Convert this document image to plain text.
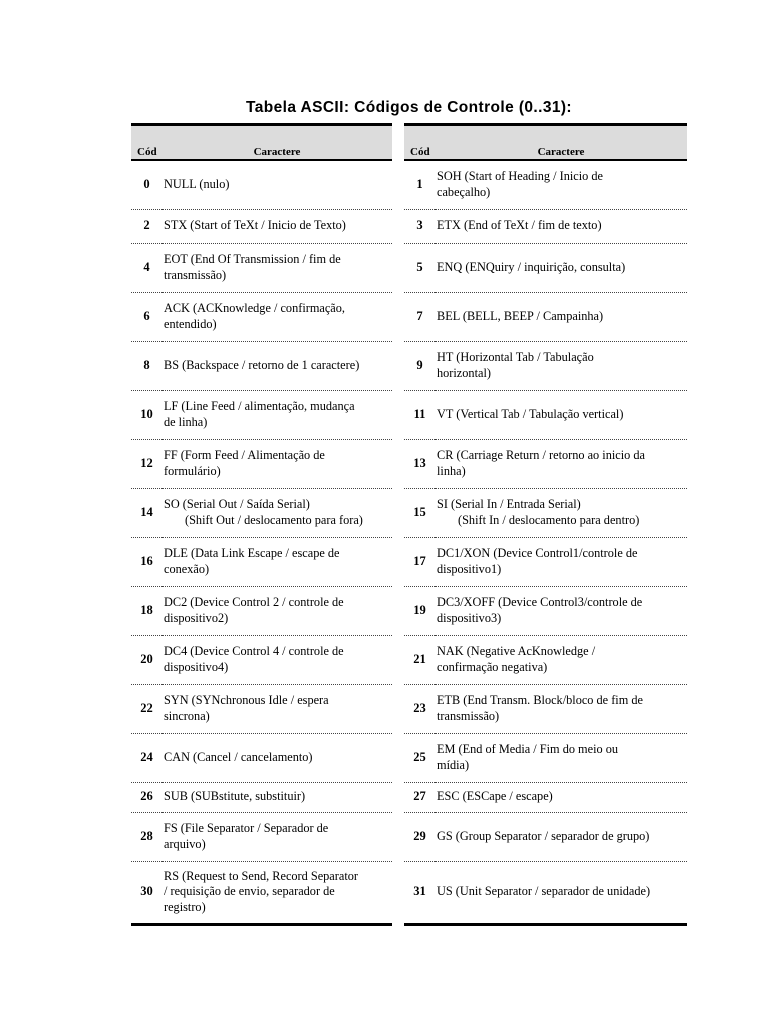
Tabela ASCII: Códigos de Controle (0..31):
Cód	Caractere
0	NULL (nulo)

2	STX (Start of TeXt / Inicio de Texto)

4	EOT (End Of Transmission / fim de
transmissão)

6	ACK (ACKnowledge / confirmação,
entendido)

8	BS (Backspace / retorno de 1 caractere)

10	LF (Line Feed / alimentação, mudança
de linha)

12	FF (Form Feed / Alimentação de
formulário)

14	SO (Serial Out / Saída Serial)
(Shift Out / deslocamento para fora)

16	DLE (Data Link Escape / escape de
conexão)

18	DC2 (Device Control 2 / controle de
dispositivo2)

20	DC4 (Device Control 4 / controle de
dispositivo4)

22	SYN (SYNchronous Idle / espera
sincrona)

24	CAN (Cancel / cancelamento)

26	SUB (SUBstitute, substituir)

28	FS (File Separator / Separador de
arquivo)

30	RS (Request to Send, Record Separator
/ requisição de envio, separador de
registro)
Cód	Caractere
1	SOH (Start of Heading / Inicio de
cabeçalho)

3	ETX (End of TeXt / fim de texto)

5	ENQ (ENQuiry / inquirição, consulta)

7	BEL (BELL, BEEP / Campainha)

9	HT (Horizontal Tab / Tabulação
horizontal)

11	VT (Vertical Tab / Tabulação vertical)

13	CR (Carriage Return / retorno ao inicio da
linha)

15	SI (Serial In / Entrada Serial)
(Shift In / deslocamento para dentro)

17	DC1/XON (Device Control1/controle de
dispositivo1)

19	DC3/XOFF (Device Control3/controle de
dispositivo3)

21	NAK (Negative AcKnowledge /
confirmação negativa)

23	ETB (End Transm. Block/bloco de fim de
transmissão)

25	EM (End of Media / Fim do meio ou
mídia)

27	ESC (ESCape / escape)

29	GS (Group Separator / separador de grupo)

31	US (Unit Separator / separador de unidade)
